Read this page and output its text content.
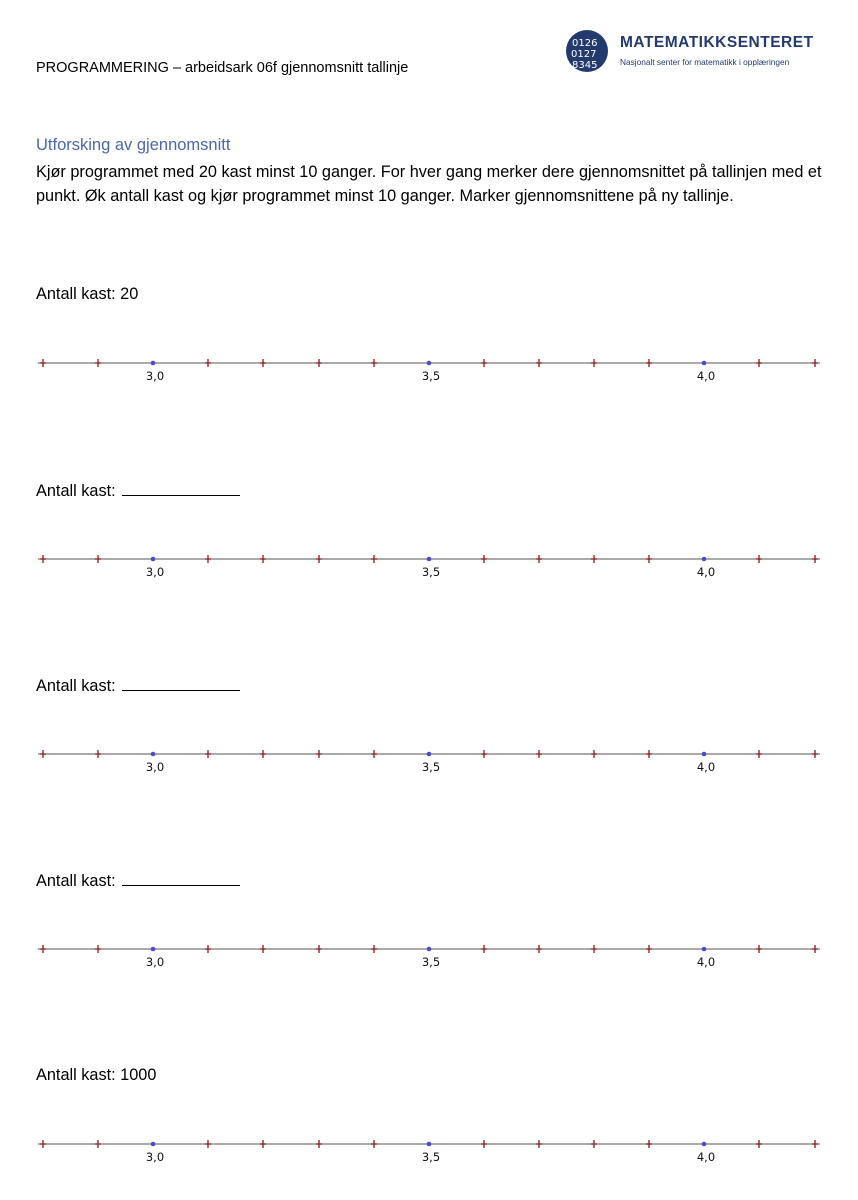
PROGRAMMERING – arbeidsark 06f gjennomsnitt tallinje
0126
0127
8345
MATEMATIKKSENTERET
Nasjonalt senter for matematikk i opplæringen
Utforsking av gjennomsnitt
Kjør programmet med 20 kast minst 10 ganger. For hver gang merker dere gjennomsnittet på tallinjen med et punkt. Øk antall kast og kjør programmet minst 10 ganger. Marker gjennomsnittene på ny tallinje.
Antall kast: 20
3,0	3,5	4,0
Antall kast:
3,0	3,5	4,0
Antall kast:
3,0	3,5	4,0
Antall kast:
3,0	3,5	4,0
Antall kast: 1000
3,0	3,5	4,0
